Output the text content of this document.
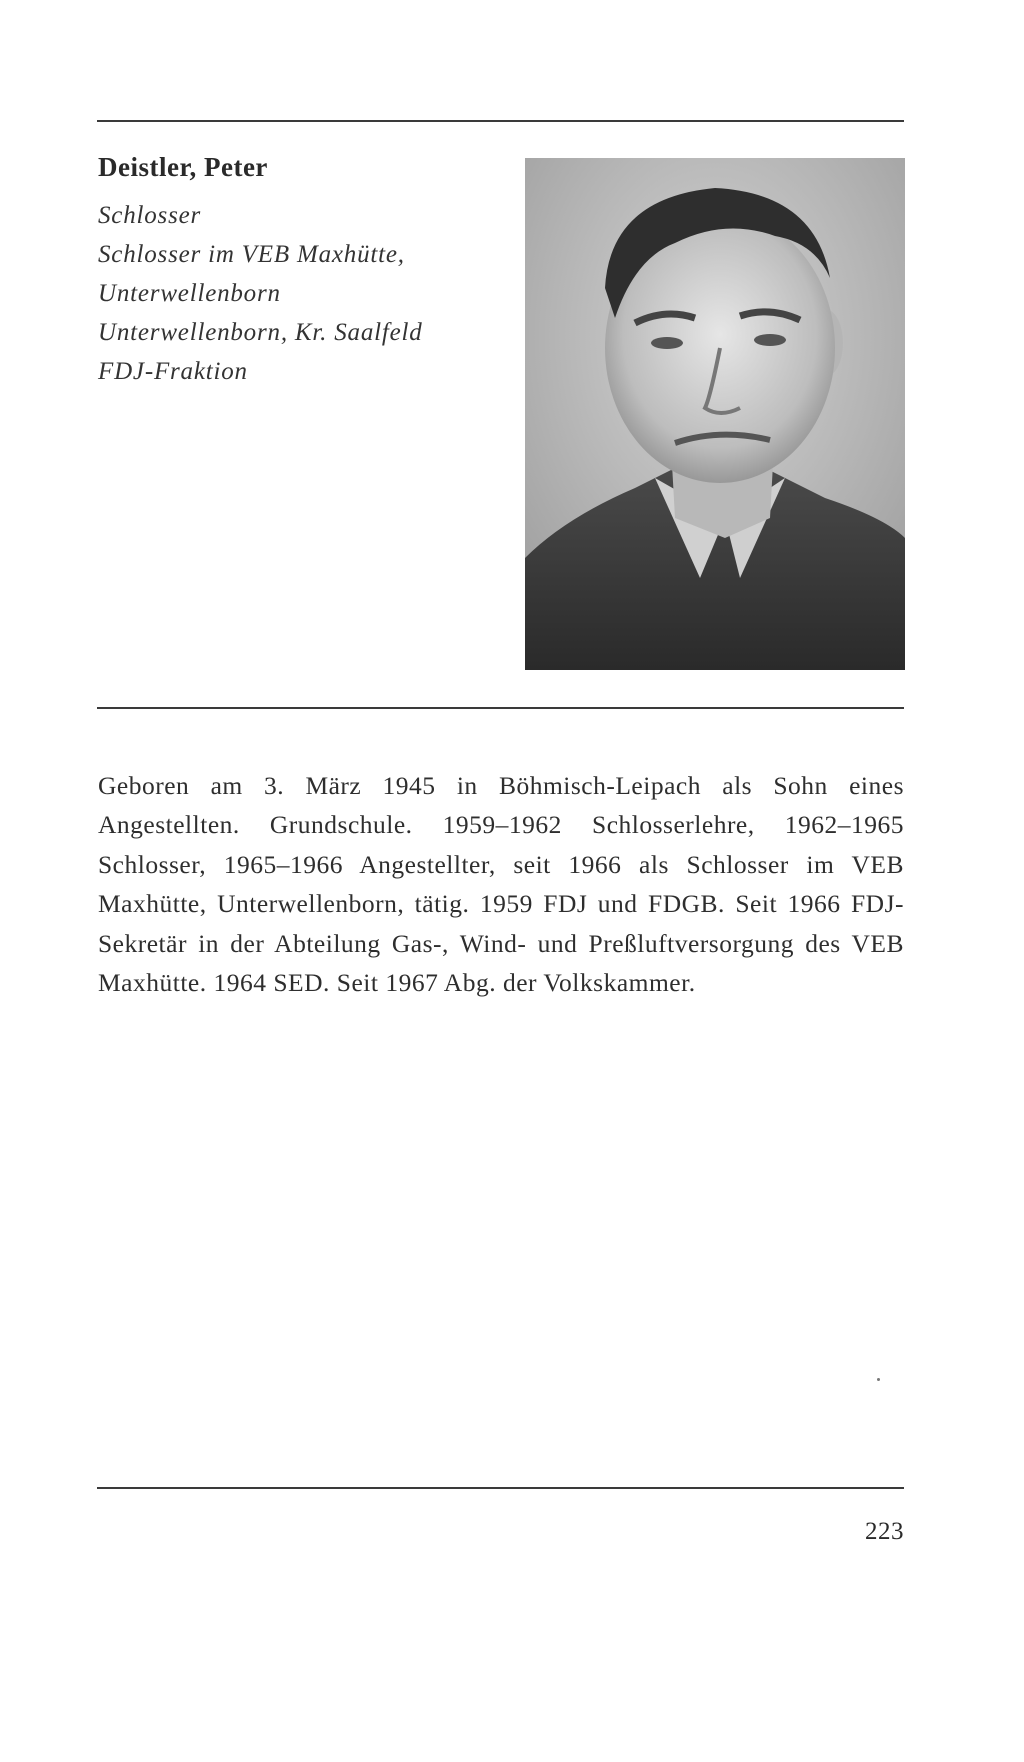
Deistler, Peter

Schlosser

Schlosser im VEB Maxhütte,

Unterwellenborn

Unterwellenborn, Kr. Saalfeld

FDJ-Fraktion

Geboren am 3. März 1945 in Böhmisch-Leipach als Sohn eines Angestellten. Grundschule. 1959–1962 Schlosserlehre, 1962–1965 Schlosser, 1965–1966 Angestellter, seit 1966 als Schlosser im VEB Maxhütte, Unterwellenborn, tätig. 1959 FDJ und FDGB. Seit 1966 FDJ-Sekretär in der Abteilung Gas-, Wind- und Preßluftversorgung des VEB Maxhütte. 1964 SED. Seit 1967 Abg. der Volkskammer.

223
